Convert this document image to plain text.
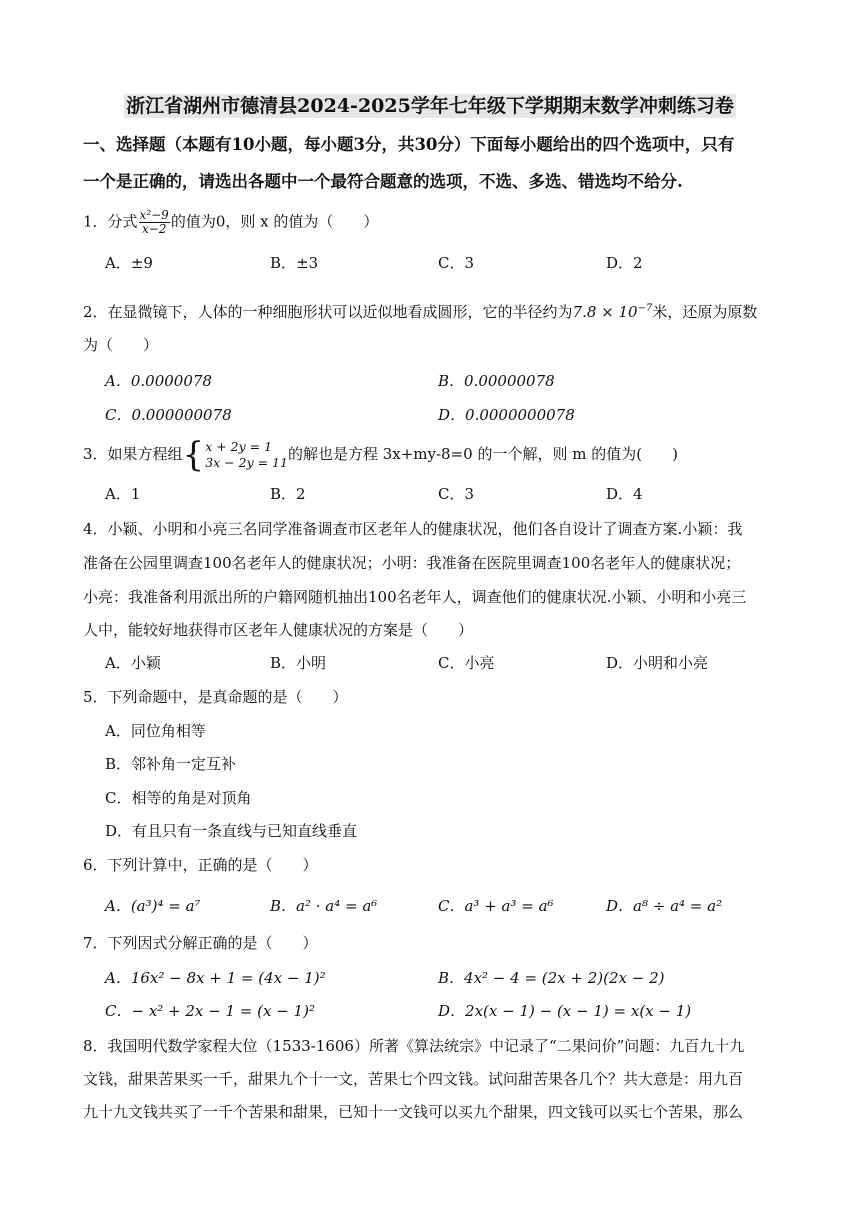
浙江省湖州市德清县2024-2025学年七年级下学期期末数学冲刺练习卷
一、选择题（本题有10小题，每小题3分，共30分）下面每小题给出的四个选项中，只有
一个是正确的，请选出各题中一个最符合题意的选项，不选、多选、错选均不给分.
1．分式 $\frac{\text{x²−9}}{x-2}$ 的值为0，则 x 的值为（　　）
A．±9	B．±3	C．3	D．2
2．在显微镜下，人体的一种细胞形状可以近似地看成圆形，它的半径约为$7.8 \times 10^{-7}$米，还原为原数
为（　　）
A．0.0000078	B．0.00000078
C．0.000000078	D．0.0000000078
3．如果方程组{ x + 2y = 1
3x − 2y = 11 的解也是方程 3x+my-8=0 的一个解，则 m 的值为(　　)
A．1	B．2	C．3	D．4
4．小颖、小明和小亮三名同学准备调查市区老年人的健康状况，他们各自设计了调查方案.小颖：我
准备在公园里调查100名老年人的健康状况；小明：我准备在医院里调查100名老年人的健康状况；
小亮：我准备利用派出所的户籍网随机抽出100名老年人，调查他们的健康状况.小颖、小明和小亮三
人中，能较好地获得市区老年人健康状况的方案是（　　）
A．小颖	B．小明	C．小亮	D．小明和小亮
5．下列命题中，是真命题的是（　　）
A．同位角相等
B．邻补角一定互补
C．相等的角是对顶角
D．有且只有一条直线与已知直线垂直
6．下列计算中，正确的是（　　）
A．(a³)⁴ = a⁷	B．a² · a⁴ = a⁶	C．a³ + a³ = a⁶	D．a⁸ ÷ a⁴ = a²
7．下列因式分解正确的是（　　）
A．16x² − 8x + 1 = (4x − 1)²	B．4x² − 4 = (2x + 2)(2x − 2)
C．− x² + 2x − 1 = (x − 1)²	D．2x(x − 1) − (x − 1) = x(x − 1)
8．我国明代数学家程大位（1533-1606）所著《算法统宗》中记录了“二果问价”问题：九百九十九
文钱，甜果苦果买一千，甜果九个十一文，苦果七个四文钱。试问甜苦果各几个？共大意是：用九百
九十九文钱共买了一千个苦果和甜果，已知十一文钱可以买九个甜果，四文钱可以买七个苦果，那么
